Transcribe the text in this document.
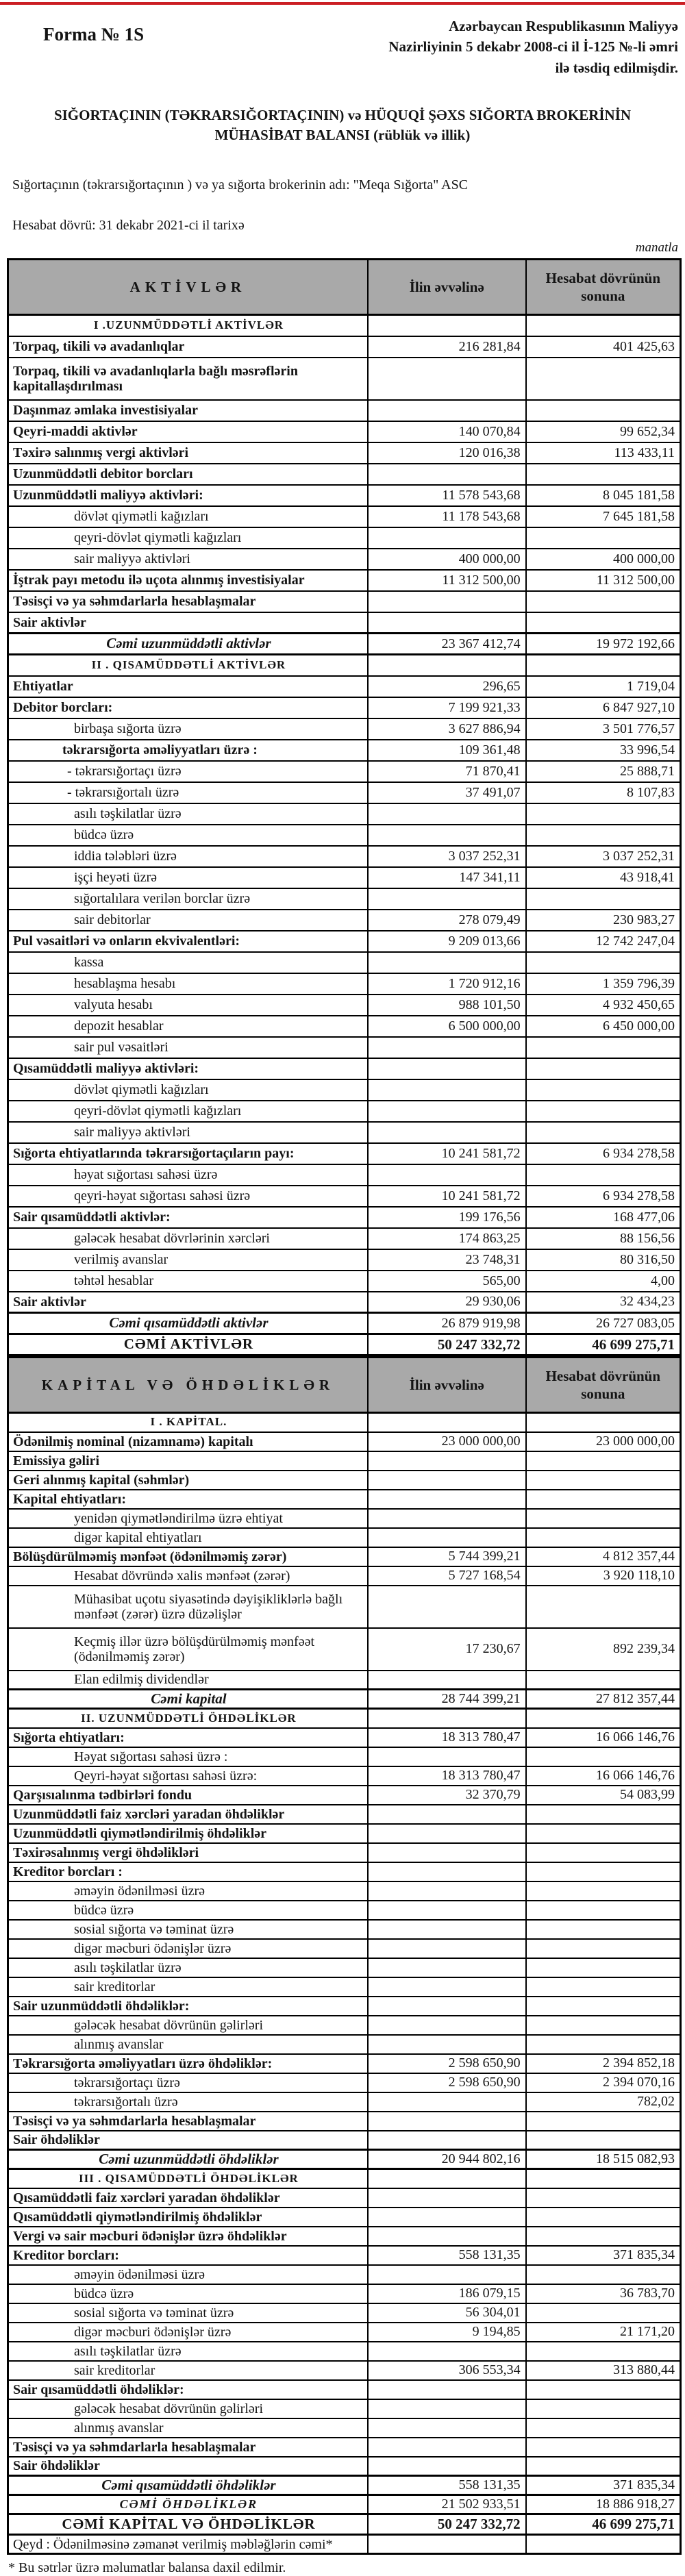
Forma № 1S	Azərbaycan Respublikasının Maliyyə
Nazirliyinin 5 dekabr 2008-ci il İ-125 №-li əmri
ilə təsdiq edilmişdir.
SIĞORTAÇININ (TƏKRARSIĞORTAÇININ) və HÜQUQİ ŞƏXS SIĞORTA BROKERİNİN
MÜHASİBAT BALANSI (rüblük və illik)
Sığortaçının (təkrarsığortaçının ) və ya sığorta brokerinin adı: "Meqa Sığorta" ASC
Hesabat dövrü: 31 dekabr 2021-ci il tarixə
manatla
AKTİVLƏR	İlin əvvəlinə	Hesabat dövrünün sonuna
I .UZUNMÜDDƏTLİ AKTİVLƏR		
Torpaq, tikili və avadanlıqlar	216 281,84	401 425,63
Torpaq, tikili və avadanlıqlarla bağlı məsrəflərin kapitallaşdırılması		
Daşınmaz əmlaka investisiyalar		
Qeyri-maddi aktivlər	140 070,84	99 652,34
Təxirə salınmış vergi aktivləri	120 016,38	113 433,11
Uzunmüddətli debitor borcları		
Uzunmüddətli maliyyə aktivləri:	11 578 543,68	8 045 181,58
dövlət qiymətli kağızları	11 178 543,68	7 645 181,58
qeyri-dövlət qiymətli kağızları		
sair maliyyə aktivləri	400 000,00	400 000,00
İştrak payı metodu ilə uçota alınmış investisiyalar	11 312 500,00	11 312 500,00
Təsisçi və ya səhmdarlarla hesablaşmalar		
Sair aktivlər		
Cəmi uzunmüddətli aktivlər	23 367 412,74	19 972 192,66
II . QISAMÜDDƏTLİ AKTİVLƏR		
Ehtiyatlar	296,65	1 719,04
Debitor borcları:	7 199 921,33	6 847 927,10
birbaşa sığorta üzrə	3 627 886,94	3 501 776,57
təkrarsığorta əməliyyatları üzrə :	109 361,48	33 996,54
- təkrarsığortaçı üzrə	71 870,41	25 888,71
- təkrarsığortalı üzrə	37 491,07	8 107,83
asılı təşkilatlar üzrə		
büdcə üzrə		
iddia tələbləri üzrə	3 037 252,31	3 037 252,31
işçi heyəti üzrə	147 341,11	43 918,41
sığortalılara verilən borclar üzrə		
sair debitorlar	278 079,49	230 983,27
Pul vəsaitləri və onların ekvivalentləri:	9 209 013,66	12 742 247,04
kassa		
hesablaşma hesabı	1 720 912,16	1 359 796,39
valyuta hesabı	988 101,50	4 932 450,65
depozit hesablar	6 500 000,00	6 450 000,00
sair pul vəsaitləri		
Qısamüddətli maliyyə aktivləri:		
dövlət qiymətli kağızları		
qeyri-dövlət qiymətli kağızları		
sair maliyyə aktivləri		
Sığorta ehtiyatlarında təkrarsığortaçıların payı:	10 241 581,72	6 934 278,58
həyat sığortası sahəsi üzrə		
qeyri-həyat sığortası sahəsi üzrə	10 241 581,72	6 934 278,58
Sair qısamüddətli aktivlər:	199 176,56	168 477,06
gələcək hesabat dövrlərinin xərcləri	174 863,25	88 156,56
verilmiş avanslar	23 748,31	80 316,50
təhtəl hesablar	565,00	4,00
Sair aktivlər	29 930,06	32 434,23
Cəmi qısamüddətli aktivlər	26 879 919,98	26 727 083,05
CƏMİ AKTİVLƏR	50 247 332,72	46 699 275,71
KAPİTAL VƏ ÖHDƏLİKLƏR	İlin əvvəlinə	Hesabat dövrünün sonuna
I . KAPİTAL.		
Ödənilmiş nominal (nizamnamə) kapitalı	23 000 000,00	23 000 000,00
Emissiya gəliri		
Geri alınmış kapital (səhmlər)		
Kapital ehtiyatları:		
yenidən qiymətləndirilmə üzrə ehtiyat		
digər kapital ehtiyatları		
Bölüşdürülməmiş mənfəət (ödənilməmiş zərər)	5 744 399,21	4 812 357,44
Hesabat dövründə xalis mənfəət (zərər)	5 727 168,54	3 920 118,10
Mühasibat uçotu siyasətində dəyişikliklərlə bağlı mənfəət (zərər) üzrə düzəlişlər		
Keçmiş illər üzrə bölüşdürülməmiş mənfəət (ödənilməmiş zərər)	17 230,67	892 239,34
Elan edilmiş dividendlər		
Cəmi kapital	28 744 399,21	27 812 357,44
II. UZUNMÜDDƏTLİ ÖHDƏLİKLƏR		
Sığorta ehtiyatları:	18 313 780,47	16 066 146,76
Həyat sığortası sahəsi üzrə :		
Qeyri-həyat sığortası sahəsi üzrə:	18 313 780,47	16 066 146,76
Qarşısıalınma tədbirləri fondu	32 370,79	54 083,99
Uzunmüddətli faiz xərcləri yaradan öhdəliklər		
Uzunmüddətli qiymətləndirilmiş öhdəliklər		
Təxirəsalınmış vergi öhdəlikləri		
Kreditor borcları :		
əməyin ödənilməsi üzrə		
büdcə üzrə		
sosial sığorta və təminat üzrə		
digər məcburi ödənişlər üzrə		
asılı təşkilatlar üzrə		
sair kreditorlar		
Sair uzunmüddətli öhdəliklər:		
gələcək hesabat dövrünün gəlirləri		
alınmış avanslar		
Təkrarsığorta əməliyyatları üzrə öhdəliklər:	2 598 650,90	2 394 852,18
təkrarsığortaçı üzrə	2 598 650,90	2 394 070,16
təkrarsığortalı üzrə		782,02
Təsisçi və ya səhmdarlarla hesablaşmalar		
Sair öhdəliklər		
Cəmi uzunmüddətli öhdəliklər	20 944 802,16	18 515 082,93
III . QISAMÜDDƏTLİ ÖHDƏLİKLƏR		
Qısamüddətli faiz xərcləri yaradan öhdəliklər		
Qısamüddətli qiymətləndirilmiş öhdəliklər		
Vergi və sair məcburi ödənişlər üzrə öhdəliklər		
Kreditor borcları:	558 131,35	371 835,34
əməyin ödənilməsi üzrə		
büdcə üzrə	186 079,15	36 783,70
sosial sığorta və təminat üzrə	56 304,01	
digər məcburi ödənişlər üzrə	9 194,85	21 171,20
asılı təşkilatlar üzrə		
sair kreditorlar	306 553,34	313 880,44
Sair qısamüddətli öhdəliklər:		
gələcək hesabat dövrünün gəlirləri		
alınmış avanslar		
Təsisçi və ya səhmdarlarla hesablaşmalar		
Sair öhdəliklər		
Cəmi qısamüddətli öhdəliklər	558 131,35	371 835,34
CƏMİ ÖHDƏLİKLƏR	21 502 933,51	18 886 918,27
CƏMİ KAPİTAL VƏ ÖHDƏLİKLƏR	50 247 332,72	46 699 275,71
Qeyd : Ödənilməsinə zəmanət verilmiş məbləğlərin cəmi*		
* Bu sətrlər üzrə məlumatlar balansa daxil edilmir.
